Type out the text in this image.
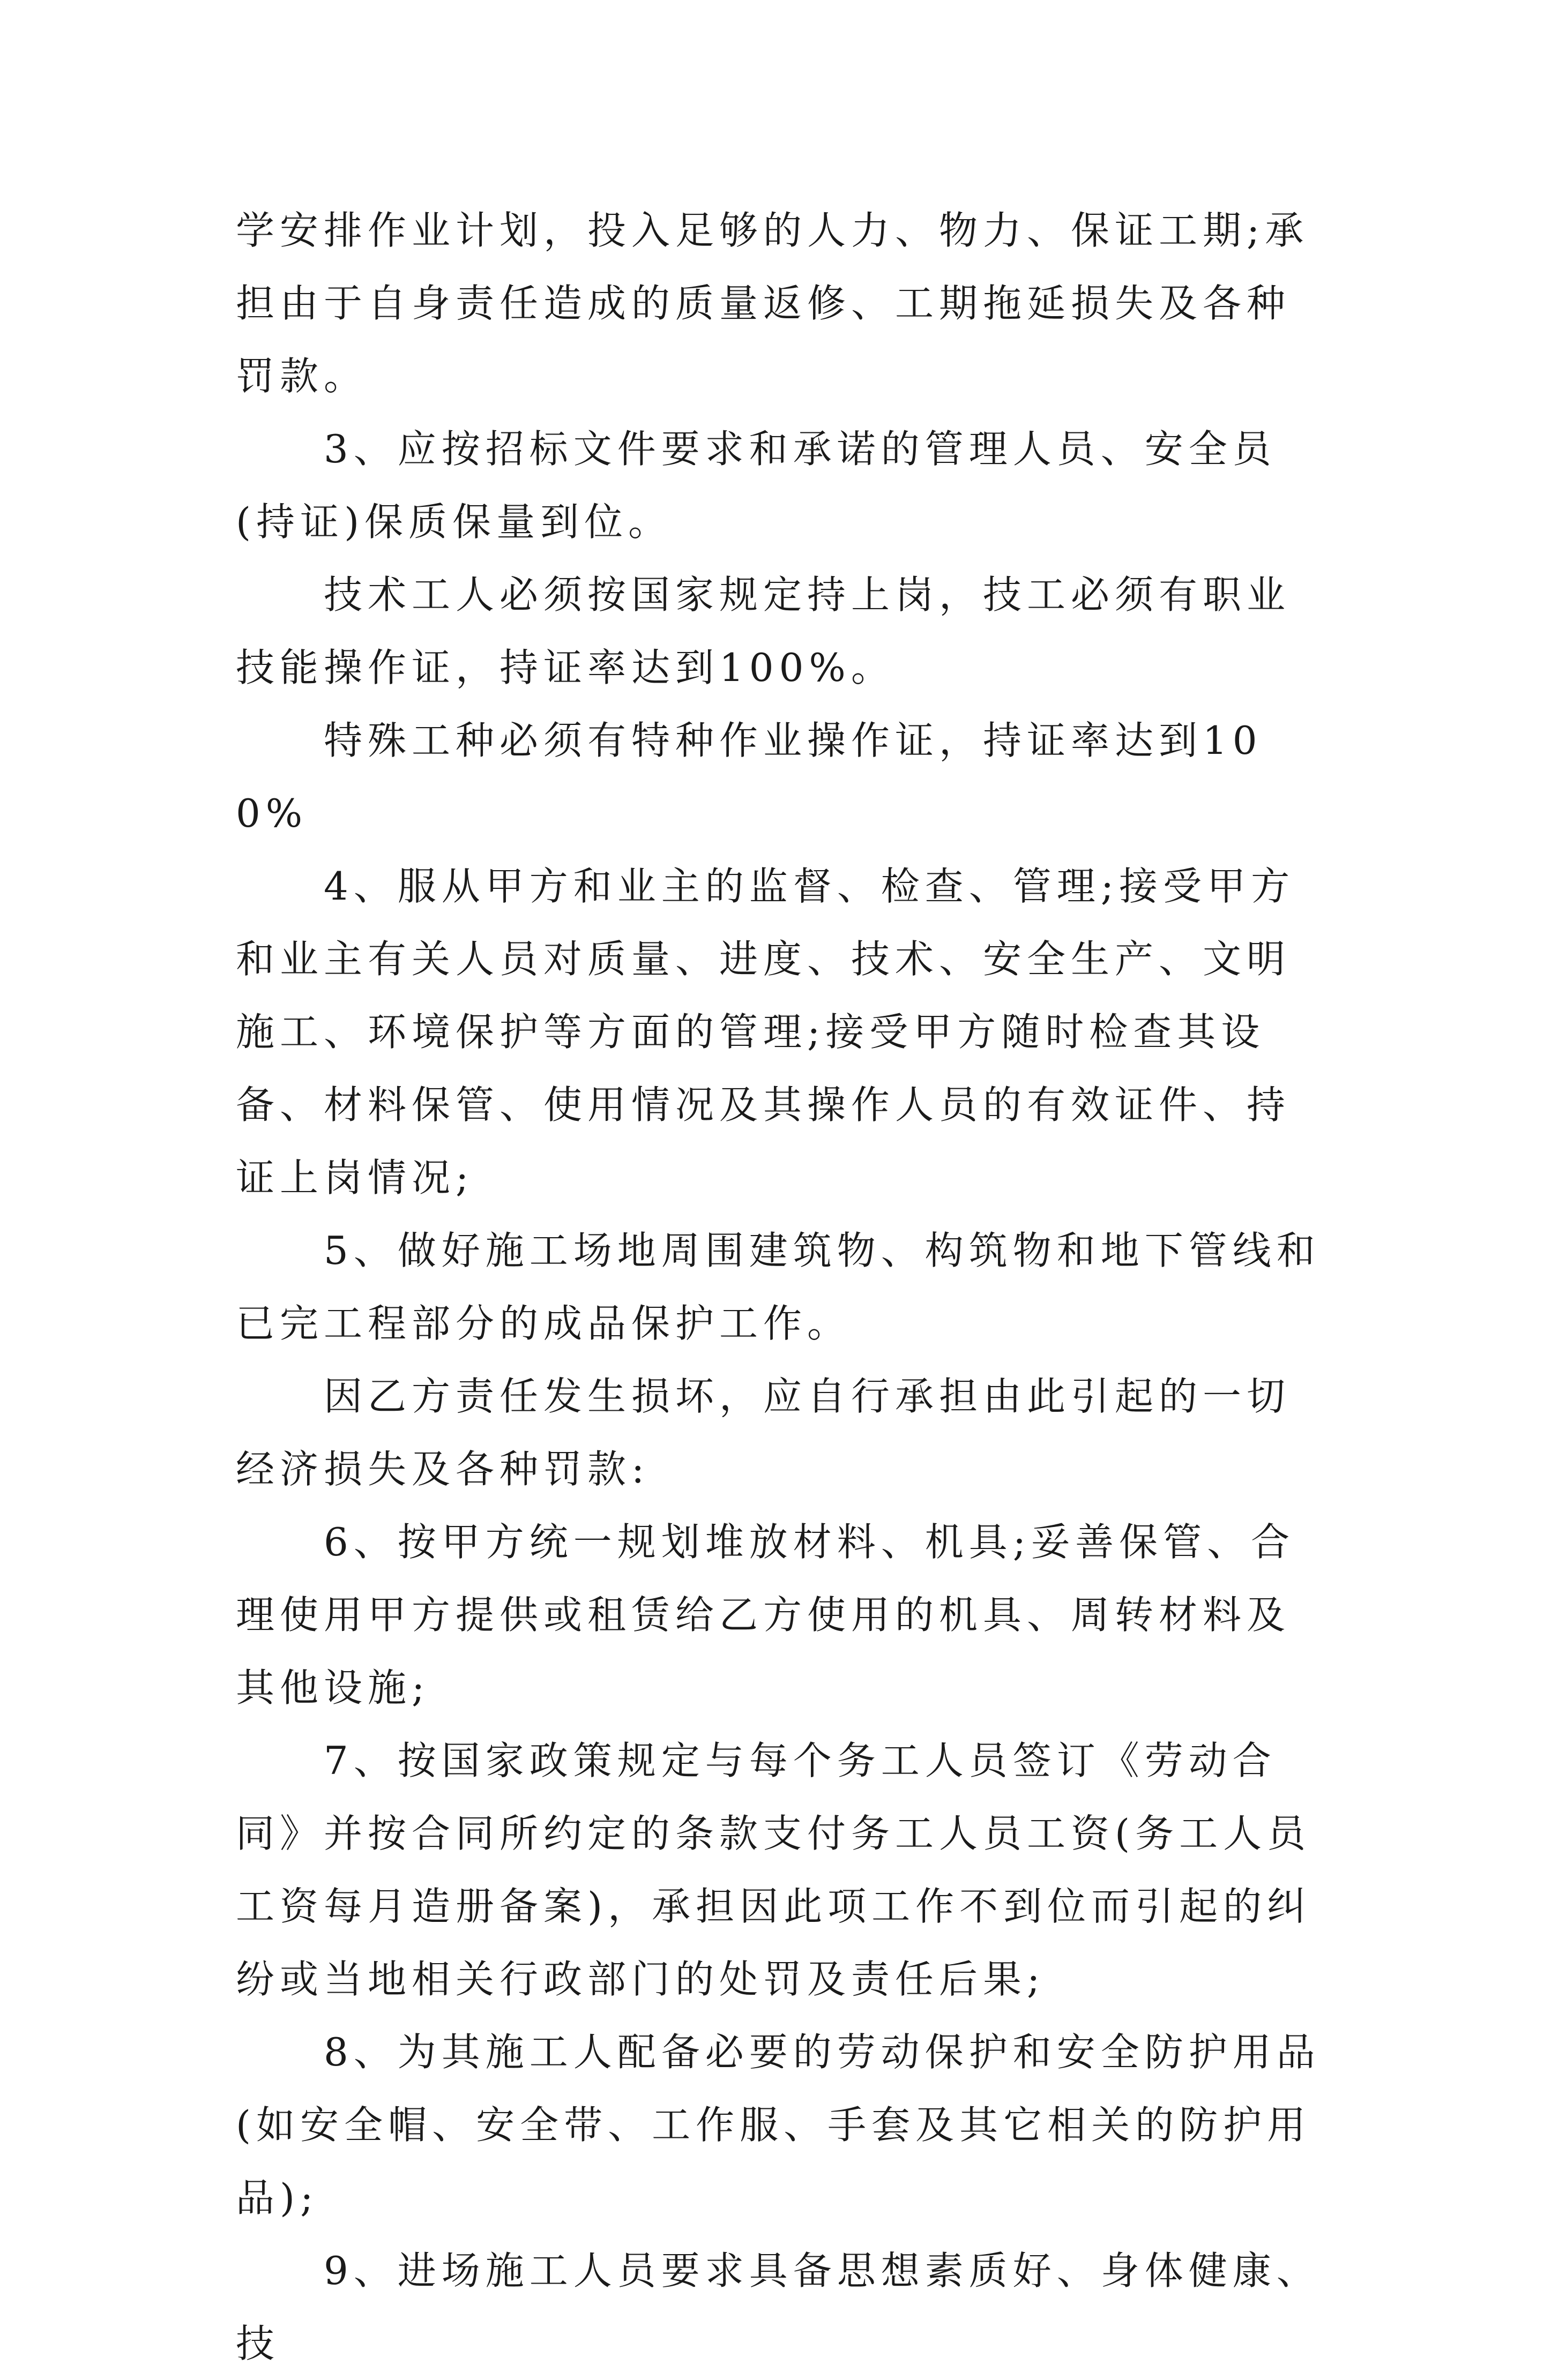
学安排作业计划，投入足够的人力、物力、保证工期;承担由于自身责任造成的质量返修、工期拖延损失及各种罚款。

3、应按招标文件要求和承诺的管理人员、安全员(持证)保质保量到位。

技术工人必须按国家规定持上岗，技工必须有职业技能操作证，持证率达到100%。

特殊工种必须有特种作业操作证，持证率达到100%

4、服从甲方和业主的监督、检查、管理;接受甲方和业主有关人员对质量、进度、技术、安全生产、文明施工、环境保护等方面的管理;接受甲方随时检查其设备、材料保管、使用情况及其操作人员的有效证件、持证上岗情况;

5、做好施工场地周围建筑物、构筑物和地下管线和已完工程部分的成品保护工作。

因乙方责任发生损坏，应自行承担由此引起的一切经济损失及各种罚款:

6、按甲方统一规划堆放材料、机具;妥善保管、合理使用甲方提供或租赁给乙方使用的机具、周转材料及其他设施;

7、按国家政策规定与每个务工人员签订《劳动合同》并按合同所约定的条款支付务工人员工资(务工人员工资每月造册备案)，承担因此项工作不到位而引起的纠纷或当地相关行政部门的处罚及责任后果;

8、为其施工人配备必要的劳动保护和安全防护用品(如安全帽、安全带、工作服、手套及其它相关的防护用品);

9、进场施工人员要求具备思想素质好、身体健康、技
